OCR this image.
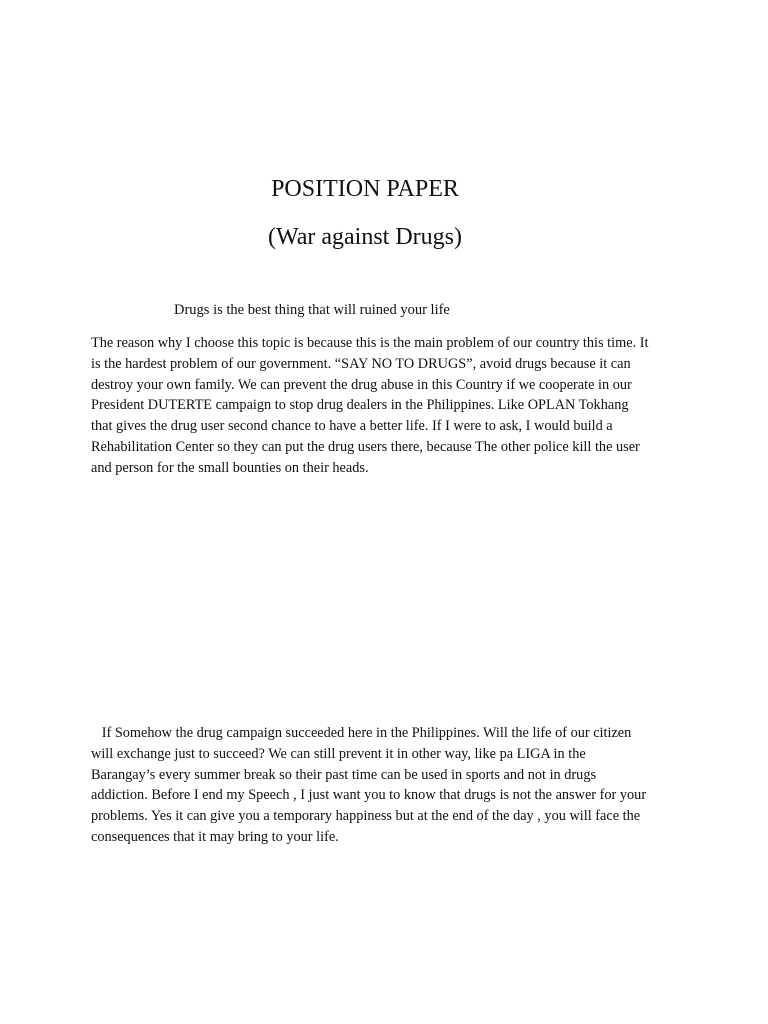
POSITION PAPER
(War against Drugs)

Drugs is the best thing that will ruined your life

The reason why I choose this topic is because this is the main problem of our country this time. It
is the hardest problem of our government. “SAY NO TO DRUGS”, avoid drugs because it can
destroy your own family. We can prevent the drug abuse in this Country if we cooperate in our
President DUTERTE campaign to stop drug dealers in the Philippines. Like OPLAN Tokhang
that gives the drug user second chance to have a better life. If I were to ask, I would build a
Rehabilitation Center so they can put the drug users there, because The other police kill the user
and person for the small bounties on their heads.

If Somehow the drug campaign succeeded here in the Philippines. Will the life of our citizen
will exchange just to succeed? We can still prevent it in other way, like pa LIGA in the
Barangay’s every summer break so their past time can be used in sports and not in drugs
addiction. Before I end my Speech , I just want you to know that drugs is not the answer for your
problems. Yes it can give you a temporary happiness but at the end of the day , you will face the
consequences that it may bring to your life.
